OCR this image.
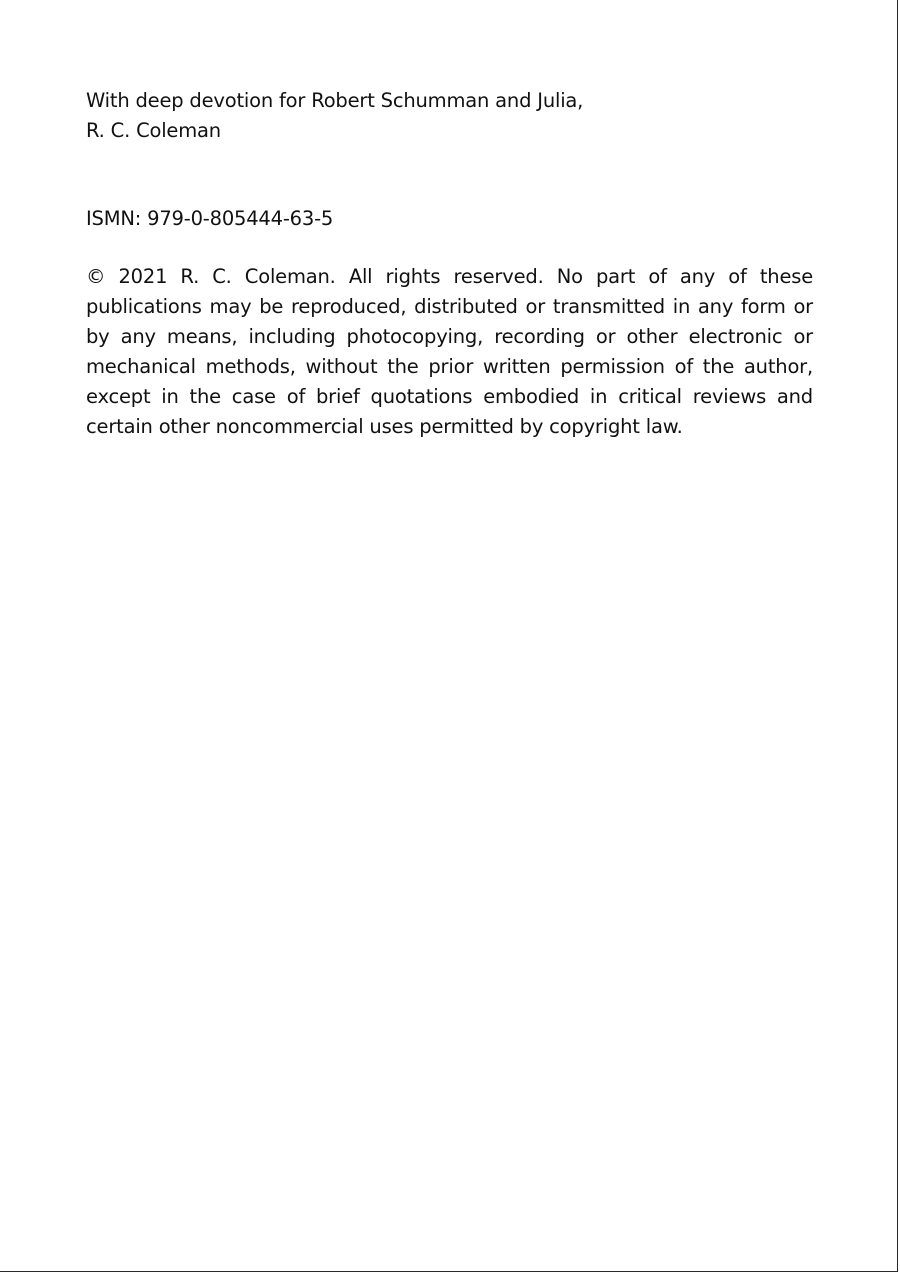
With deep devotion for Robert Schumman and Julia,

R. C. Coleman

ISMN: 979-0-805444-63-5

© 2021 R. C. Coleman. All rights reserved. No part of any of these publications may be reproduced, distributed or transmitted in any form or by any means, including photocopying, recording or other electronic or mechanical methods, without the prior written permission of the author, except in the case of brief quotations embodied in critical reviews and certain other noncommercial uses permitted by copyright law.
